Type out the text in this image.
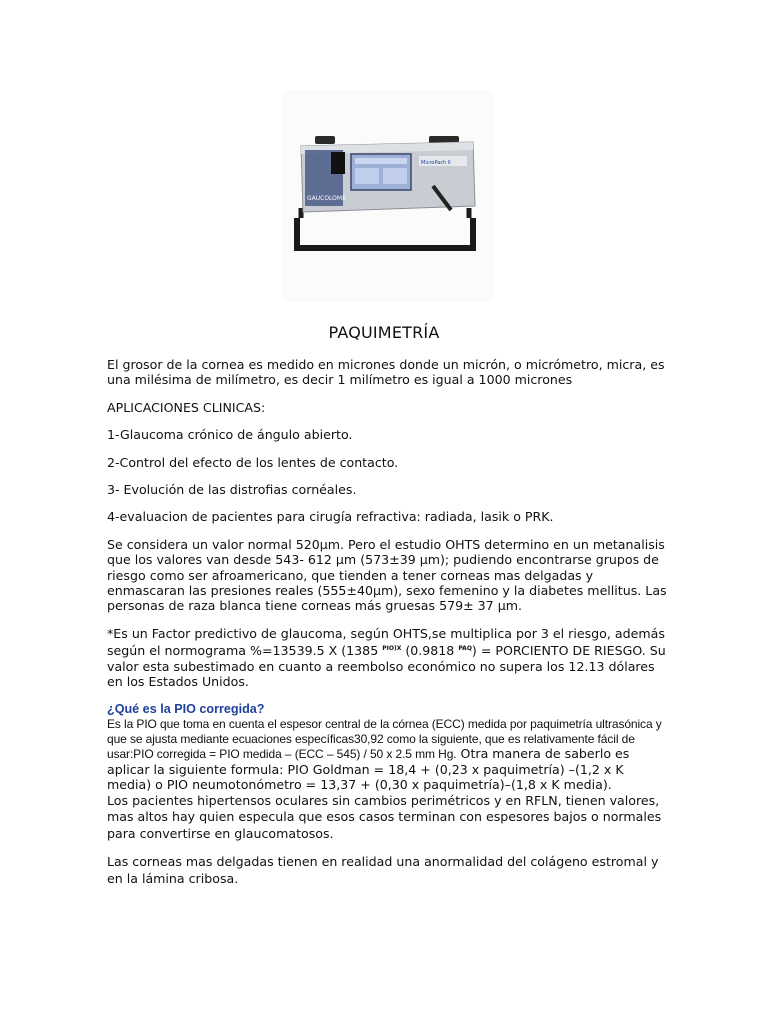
GAUCOLOME
MicroPach II
PAQUIMETRÍA

El grosor de la cornea es medido en micrones donde un micrón, o micrómetro, micra, es una milésima de milímetro, es decir 1 milímetro es igual a 1000 micrones

APLICACIONES CLINICAS:

1-Glaucoma crónico de ángulo abierto.

2-Control del efecto de los lentes de contacto.

3- Evolución de las distrofias cornéales.

4-evaluacion de pacientes para cirugía refractiva: radiada, lasik o PRK.

Se considera un valor normal 520µm. Pero el estudio OHTS determino en un metanalisis que los valores van desde 543- 612 µm (573±39 µm); pudiendo encontrarse grupos de riesgo como ser afroamericano, que tienden a tener corneas mas delgadas y enmascaran las presiones reales (555±40µm), sexo femenino y la diabetes mellitus. Las personas de raza blanca tiene corneas más gruesas 579± 37 µm.

*Es un Factor predictivo de glaucoma, según OHTS,se multiplica por 3 el riesgo, además según el normograma %=13539.5 X (1385 $^{PIO)X}$ (0.9818 $^{PAQ}$) = PORCIENTO DE RIESGO. Su valor esta subestimado en cuanto a reembolso económico no supera los 12.13 dólares en los Estados Unidos.

¿Qué es la PIO corregida?

Es la PIO que toma en cuenta el espesor central de la córnea (ECC) medida por paquimetría ultrasónica y que se ajusta mediante ecuaciones específicas30,92 como la siguiente, que es relativamente fácil de usar:PIO corregida = PIO medida – (ECC – 545) / 50 x 2.5 mm Hg. Otra manera de saberlo es aplicar la siguiente formula: PIO Goldman = 18,4 + (0,23 x paquimetría) –(1,2 x K media) o PIO neumotonómetro = 13,37 + (0,30 x paquimetría)–(1,8 x K media).

Los pacientes hipertensos oculares sin cambios perimétricos y en RFLN, tienen valores, mas altos hay quien especula que esos casos terminan con espesores bajos o normales para convertirse en glaucomatosos.

Las corneas mas delgadas tienen en realidad una anormalidad del colágeno estromal y en la lámina cribosa.
